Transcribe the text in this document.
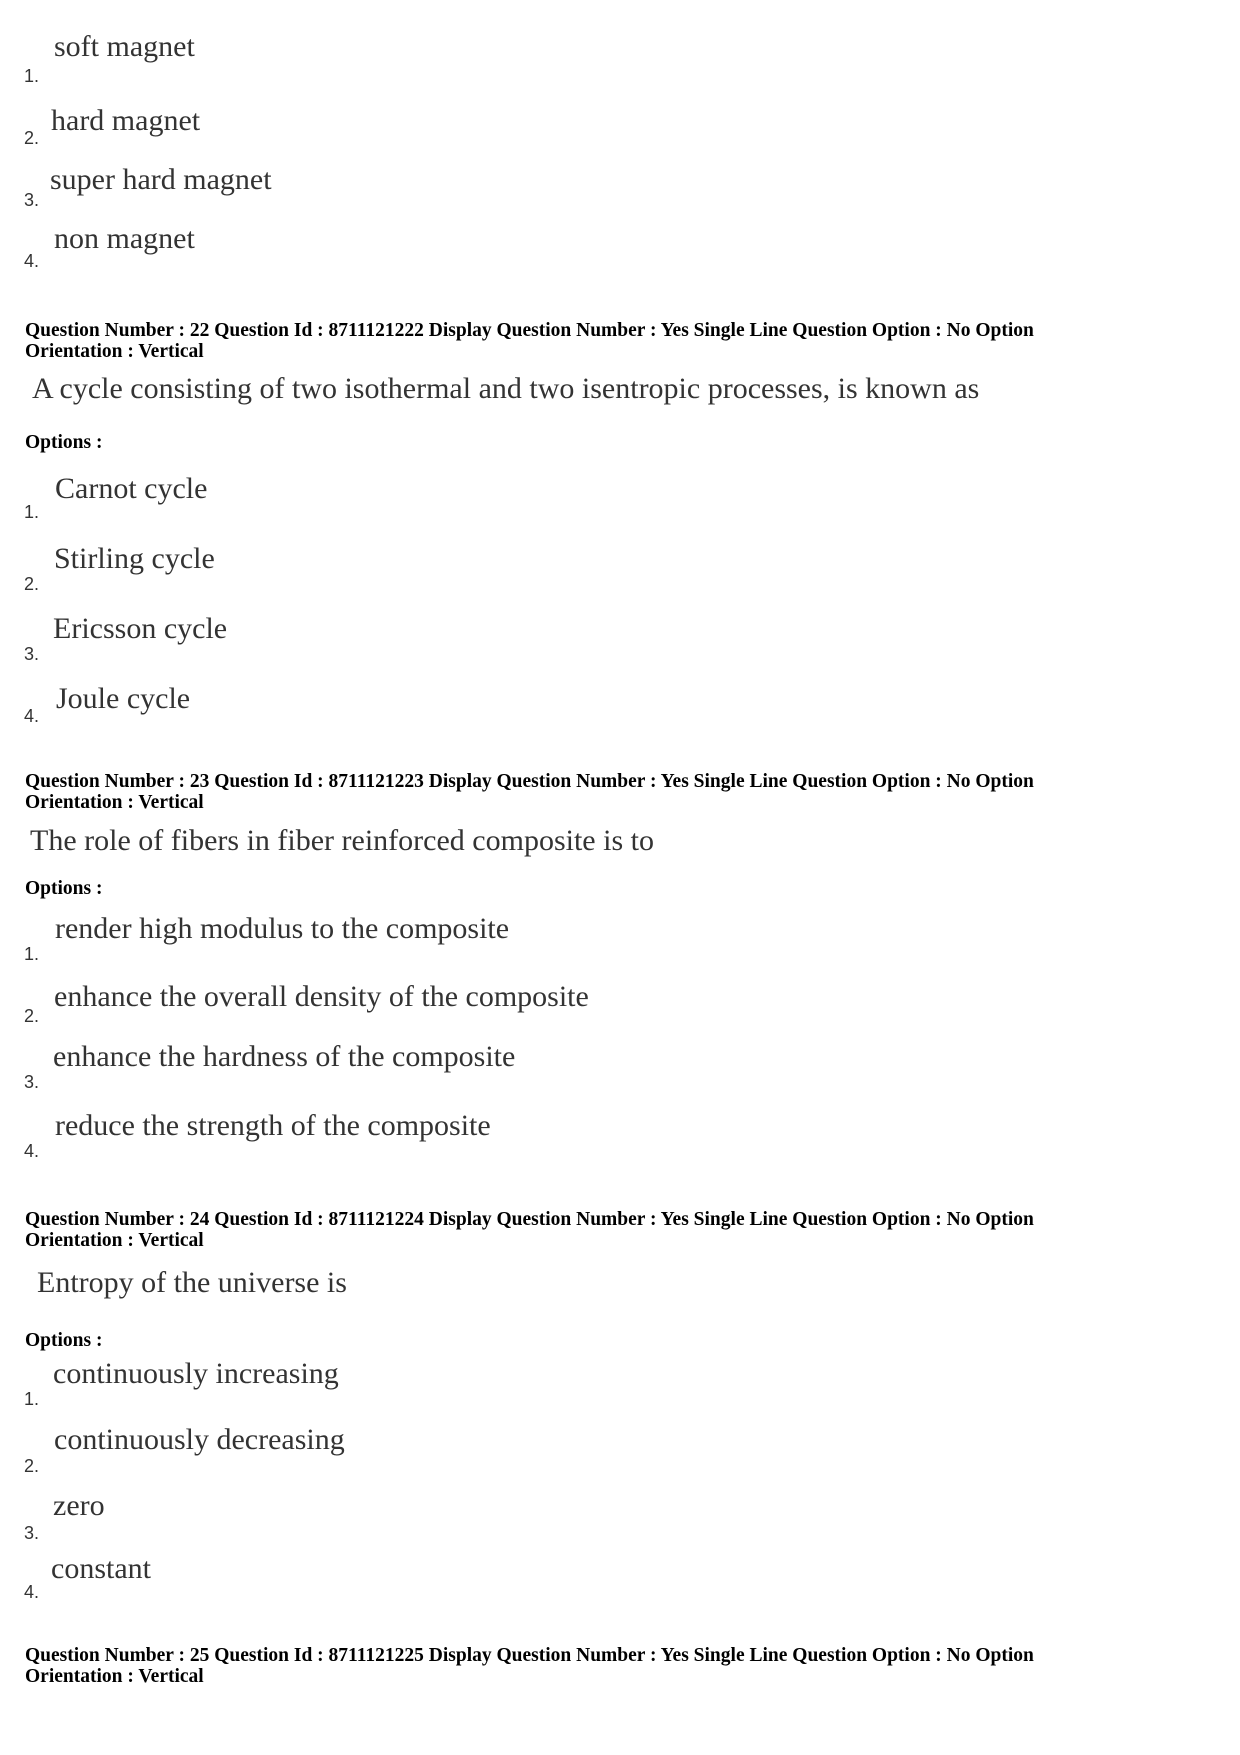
soft magnet
1.
hard magnet
2.
super hard magnet
3.
non magnet
4.
Question Number : 22 Question Id : 8711121222 Display Question Number : Yes Single Line Question Option : No Option
Orientation : Vertical
A cycle consisting of two isothermal and two isentropic processes, is known as
Options :
Carnot cycle
1.
Stirling cycle
2.
Ericsson cycle
3.
Joule cycle
4.
Question Number : 23 Question Id : 8711121223 Display Question Number : Yes Single Line Question Option : No Option
Orientation : Vertical
The role of fibers in fiber reinforced composite is to
Options :
render high modulus to the composite
1.
enhance the overall density of the composite
2.
enhance the hardness of the composite
3.
reduce the strength of the composite
4.
Question Number : 24 Question Id : 8711121224 Display Question Number : Yes Single Line Question Option : No Option
Orientation : Vertical
Entropy of the universe is
Options :
continuously increasing
1.
continuously decreasing
2.
zero
3.
constant
4.
Question Number : 25 Question Id : 8711121225 Display Question Number : Yes Single Line Question Option : No Option
Orientation : Vertical
